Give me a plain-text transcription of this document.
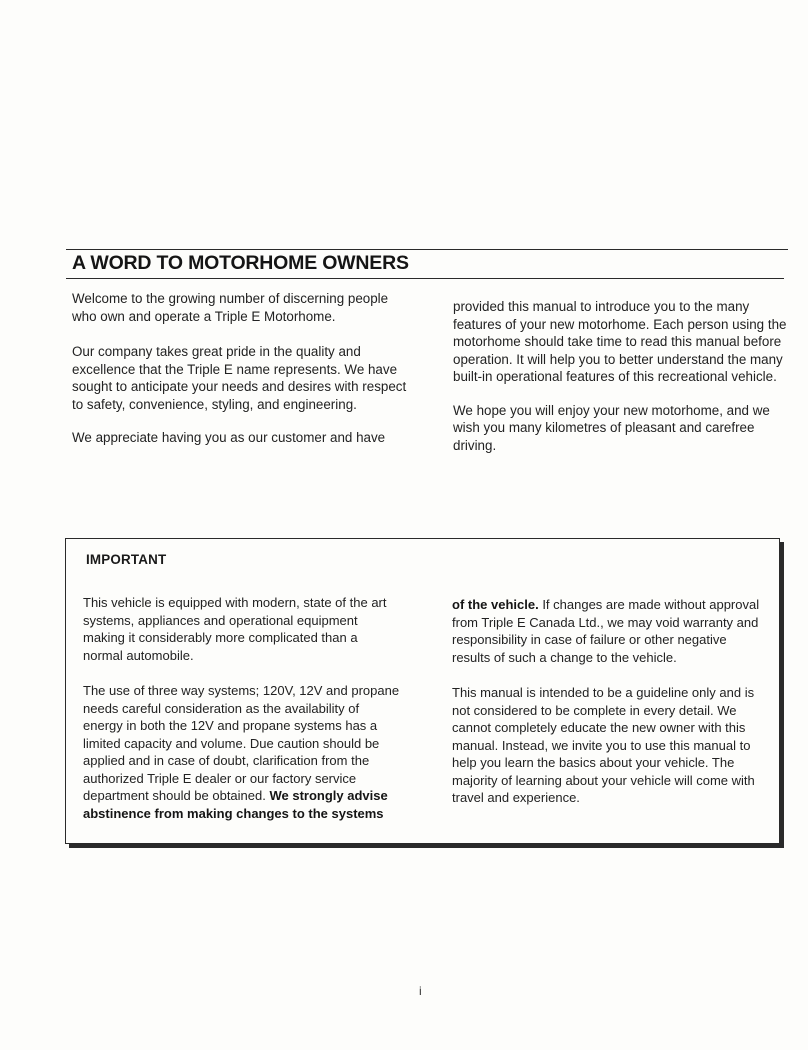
A WORD TO MOTORHOME OWNERS

Welcome to the growing number of discerning people who own and operate a Triple E Motorhome.

Our company takes great pride in the quality and excellence that the Triple E name represents. We have sought to anticipate your needs and desires with respect to safety, convenience, styling, and engineering.

We appreciate having you as our customer and have

provided this manual to introduce you to the many features of your new motorhome. Each person using the motorhome should take time to read this manual before operation. It will help you to better understand the many built-in operational features of this recreational vehicle.

We hope you will enjoy your new motorhome, and we wish you many kilometres of pleasant and carefree driving.

IMPORTANT

This vehicle is equipped with modern, state of the art systems, appliances and operational equipment making it considerably more complicated than a normal automobile.

The use of three way systems; 120V, 12V and propane needs careful consideration as the availability of energy in both the 12V and propane systems has a limited capacity and volume. Due caution should be applied and in case of doubt, clarification from the authorized Triple E dealer or our factory service department should be obtained. We strongly advise abstinence from making changes to the systems

of the vehicle. If changes are made without approval from Triple E Canada Ltd., we may void warranty and responsibility in case of failure or other negative results of such a change to the vehicle.

This manual is intended to be a guideline only and is not considered to be complete in every detail. We cannot completely educate the new owner with this manual. Instead, we invite you to use this manual to help you learn the basics about your vehicle. The majority of learning about your vehicle will come with travel and experience.

i
